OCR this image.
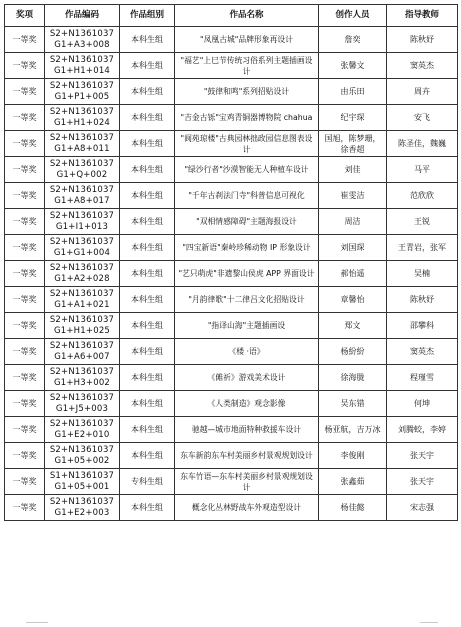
奖项	作品编码	作品组别	作品名称	创作人员	指导教师
一等奖	S2+N1361037 G1+A3+008	本科生组	"凤凰古城"品牌形象再设计	詹奕	陈秋妤
一等奖	S2+N1361037 G1+H1+014	本科生组	"福艺"上巳节传统习俗系列主题插画设计	张馨文	窦英杰
一等奖	S2+N1361037 G1+P1+005	本科生组	"鼓律和鸣"系列招贴设计	由乐田	周卉
一等奖	S2+N1361037 G1+H1+024	本科生组	"吉金古铄"宝鸡青铜器博物院 chahua	纪宇琛	安飞
一等奖	S2+N1361037 G1+A8+011	本科生组	"阆苑琼楼"古典园林拙政园信息图表设计	国旭，陈梦珊，徐香超	陈圣佳，魏巍
一等奖	S2+N1361037 G1+Q+002	本科生组	"绿沙行者"沙漠智能无人种植车设计	刘佳	马平
一等奖	S2+N1361037 G1+A8+017	本科生组	"千年古刹法门寺"科普信息可视化	崔雯洁	范欣欣
一等奖	S2+N1361037 G1+I1+013	本科生组	"双相情感障碍"主题海报设计	周洁	王锐
一等奖	S2+N1361037 G1+G1+004	本科生组	"四宝新语"秦岭珍稀动物 IP 形象设计	刘国琛	王青岩，张军
一等奖	S2+N1361037 G1+A2+028	本科生组	"艺只萌虎"非遗黎山侯虎 APP 界面设计	郝怡遥	吴楠
一等奖	S2+N1361037 G1+A1+021	本科生组	"月韵律歌"十二律吕文化招贴设计	章馨怡	陈秋妤
一等奖	S2+N1361037 G1+H1+025	本科生组	"指译山海"主题插画设	郑文	邵攀科
一等奖	S2+N1361037 G1+A6+007	本科生组	《楼 ·语》	杨紛紛	窦英杰
一等奖	S2+N1361037 G1+H3+002	本科生组	《傩祈》游戏美术设计	徐海胧	程瑾雪
一等奖	S2+N1361037 G1+J5+003	本科生组	《人类制造》观念影像	吴东错	何坤
一等奖	S2+N1361037 G1+E2+010	本科生组	驰越—城市地面特种救援车设计	杨亚航，吉万冰	刘腾蛟，李婷
一等奖	S2+N1361037 G1+05+002	本科生组	东车新韵东车村美丽乡村景观规划设计	李俊刚	张天宇
一等奖	S1+N1361037 G1+05+001	专科生组	东车竹语—东车村美丽乡村景观规划设计	张鑫茹	张天宇
一等奖	S2+N1361037 G1+E2+003	本科生组	概念化丛林野战车外观造型设计	杨佳懿	宋志强
